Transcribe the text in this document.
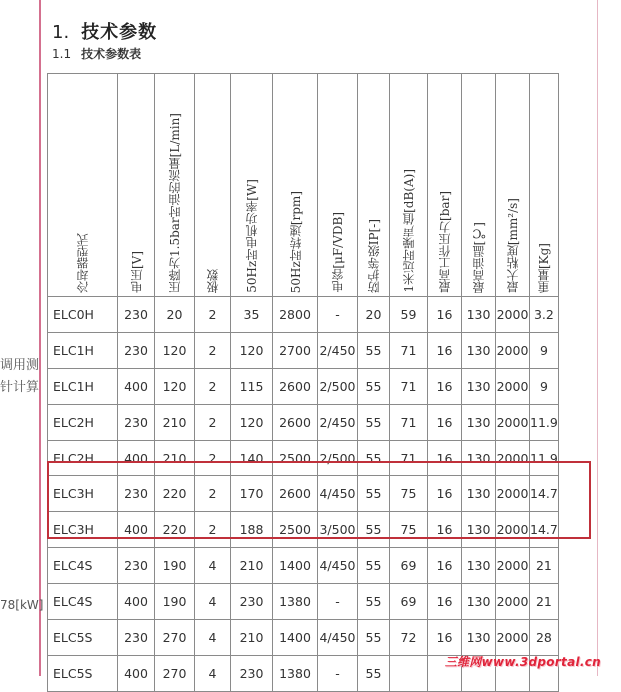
调用测
针计算
78[kW]
1. 技术参数
1.1 技术参数表
冷却器型式	电压[V]	压降为1.5bar时油的流量[L/min]	极数	50Hz时电机功率[W]	50Hz时转速[rpm]	电容[μF/VDB]	防护等级IP[-]	1米远时噪声值[dB(A)]	最高工作压力[bar]	最高油温[℃]	最大粘度[mm²/s]	重量[Kg]
ELC0H	230	20	2	35	2800	-	20	59	16	130	2000	3.2
ELC1H	230	120	2	120	2700	2/450	55	71	16	130	2000	9
ELC1H	400	120	2	115	2600	2/500	55	71	16	130	2000	9
ELC2H	230	210	2	120	2600	2/450	55	71	16	130	2000	11.9
ELC2H	400	210	2	140	2500	2/500	55	71	16	130	2000	11.9
ELC3H	230	220	2	170	2600	4/450	55	75	16	130	2000	14.7
ELC3H	400	220	2	188	2500	3/500	55	75	16	130	2000	14.7
ELC4S	230	190	4	210	1400	4/450	55	69	16	130	2000	21
ELC4S	400	190	4	230	1380	-	55	69	16	130	2000	21
ELC5S	230	270	4	210	1400	4/450	55	72	16	130	2000	28
ELC5S	400	270	4	230	1380	-	55					
三维网www.3dportal.cn
